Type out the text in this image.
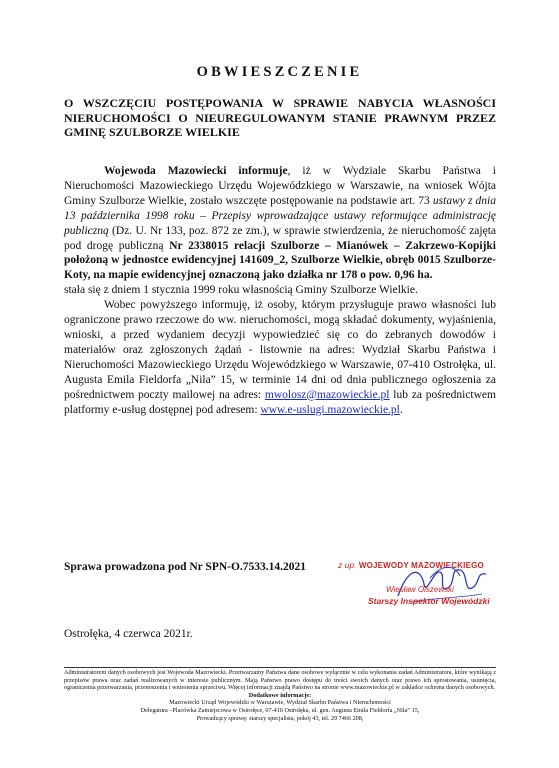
OBWIESZCZENIE
O WSZCZĘCIU POSTĘPOWANIA W SPRAWIE NABYCIA WŁASNOŚCI NIERUCHOMOŚCI O NIEUREGULOWANYM STANIE PRAWNYM PRZEZ GMINĘ SZULBORZE WIELKIE

Wojewoda Mazowiecki informuje, iż w Wydziale Skarbu Państwa i Nieruchomości Mazowieckiego Urzędu Wojewódzkiego w Warszawie, na wniosek Wójta Gminy Szulborze Wielkie, zostało wszczęte postępowanie na podstawie art. 73 ustawy z dnia 13 października 1998 roku – Przepisy wprowadzające ustawy reformujące administrację publiczną (Dz. U. Nr 133, poz. 872 ze zm.), w sprawie stwierdzenia, że nieruchomość zajęta pod drogę publiczną Nr 2338015 relacji Szulborze – Mianówek – Zakrzewo-Kopijki położoną w jednostce ewidencyjnej 141609_2, Szulborze Wielkie, obręb 0015 Szulborze-Koty, na mapie ewidencyjnej oznaczoną jako działka nr 178 o pow. 0,96 ha.
stała się z dniem 1 stycznia 1999 roku własnością Gminy Szulborze Wielkie.

Wobec powyższego informuję, iż osoby, którym przysługuje prawo własności lub ograniczone prawo rzeczowe do ww. nieruchomości, mogą składać dokumenty, wyjaśnienia, wnioski, a przed wydaniem decyzji wypowiedzieć się co do zebranych dowodów i materiałów oraz zgłoszonych żądań - listownie na adres: Wydział Skarbu Państwa i Nieruchomości Mazowieckiego Urzędu Wojewódzkiego w Warszawie, 07-410 Ostrołęka, ul. Augusta Emila Fieldorfa „Nila” 15, w terminie 14 dni od dnia publicznego ogłoszenia za pośrednictwem poczty mailowej na adres: mwolosz@mazowieckie.pl lub za pośrednictwem platformy e-usług dostępnej pod adresem: www.e-uslugi.mazowieckie.pl.

Sprawa prowadzona pod Nr SPN-O.7533.14.2021	z up. WOJEWODY MAZOWIECKIEGO
Wiesław Olszewski
Starszy Inspektor Wojewódzki
Ostrołęka, 4 czerwca 2021r.
Administratorem danych osobowych jest Wojewoda Mazowiecki. Przetwarzamy Państwa dane osobowe wyłącznie w celu wykonania zadań Administratora, które wynikają z przepisów prawa oraz zadań realizowanych w interesie publicznym. Mają Państwo prawo dostępu do treści swoich danych oraz prawo ich sprostowania, usunięcia, ograniczenia przetwarzania, przenoszenia i wniesienia sprzeciwu. Więcej informacji znajdą Państwo na stronie www.mazowieckie.pl w zakładce ochrona danych osobowych.
Dodatkowe informacje:
Mazowiecki Urząd Wojewódzki w Warszawie, Wydział Skarbu Państwa i Nieruchomości
Delegatura –Placówka Zamiejscowa w Ostrołęce, 07-410 Ostrołęka, ul. gen. Augusta Emila Fieldorfa „Nila” 15,
Prowadzący sprawę: starszy specjalista, pokój 43, tel. 29 7466 208,
